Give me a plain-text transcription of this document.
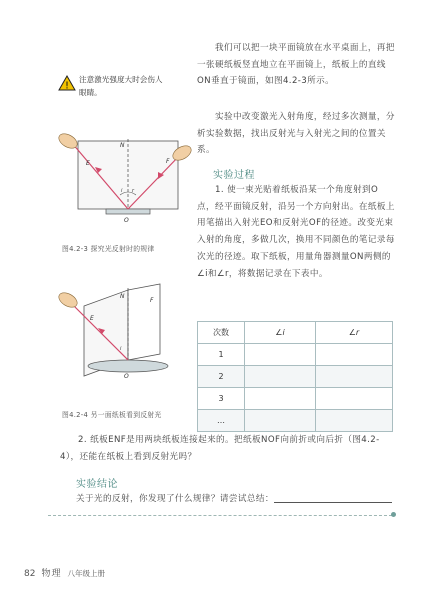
!
注意激光强度大时会伤人眼睛。
我们可以把一块平面镜放在水平桌面上，再把一张硬纸板竖直地立在平面镜上，纸板上的直线ON垂直于镜面，如图4.2-3所示。
实验中改变激光入射角度，经过多次测量，分析实验数据，找出反射光与入射光之间的位置关系。
E
N
F
O
i r
图4.2-3 探究光反射时的规律
实验过程
1. 使一束光贴着纸板沿某一个角度射到O点，经平面镜反射，沿另一个方向射出。在纸板上用笔描出入射光EO和反射光OF的径迹。改变光束入射的角度，多做几次，换用不同颜色的笔记录每次光的径迹。取下纸板，用量角器测量ON两侧的∠i和∠r，将数据记录在下表中。
E
N
F
O
i
图4.2-4 另一面纸板看到反射光
次数	∠i	∠r
1		
2		
3		
…		
2. 纸板ENF是用两块纸板连接起来的。把纸板NOF向前折或向后折（图4.2-4），还能在纸板上看到反射光吗？
实验结论
关于光的反射，你发现了什么规律？请尝试总结：
82 物理 八年级上册
